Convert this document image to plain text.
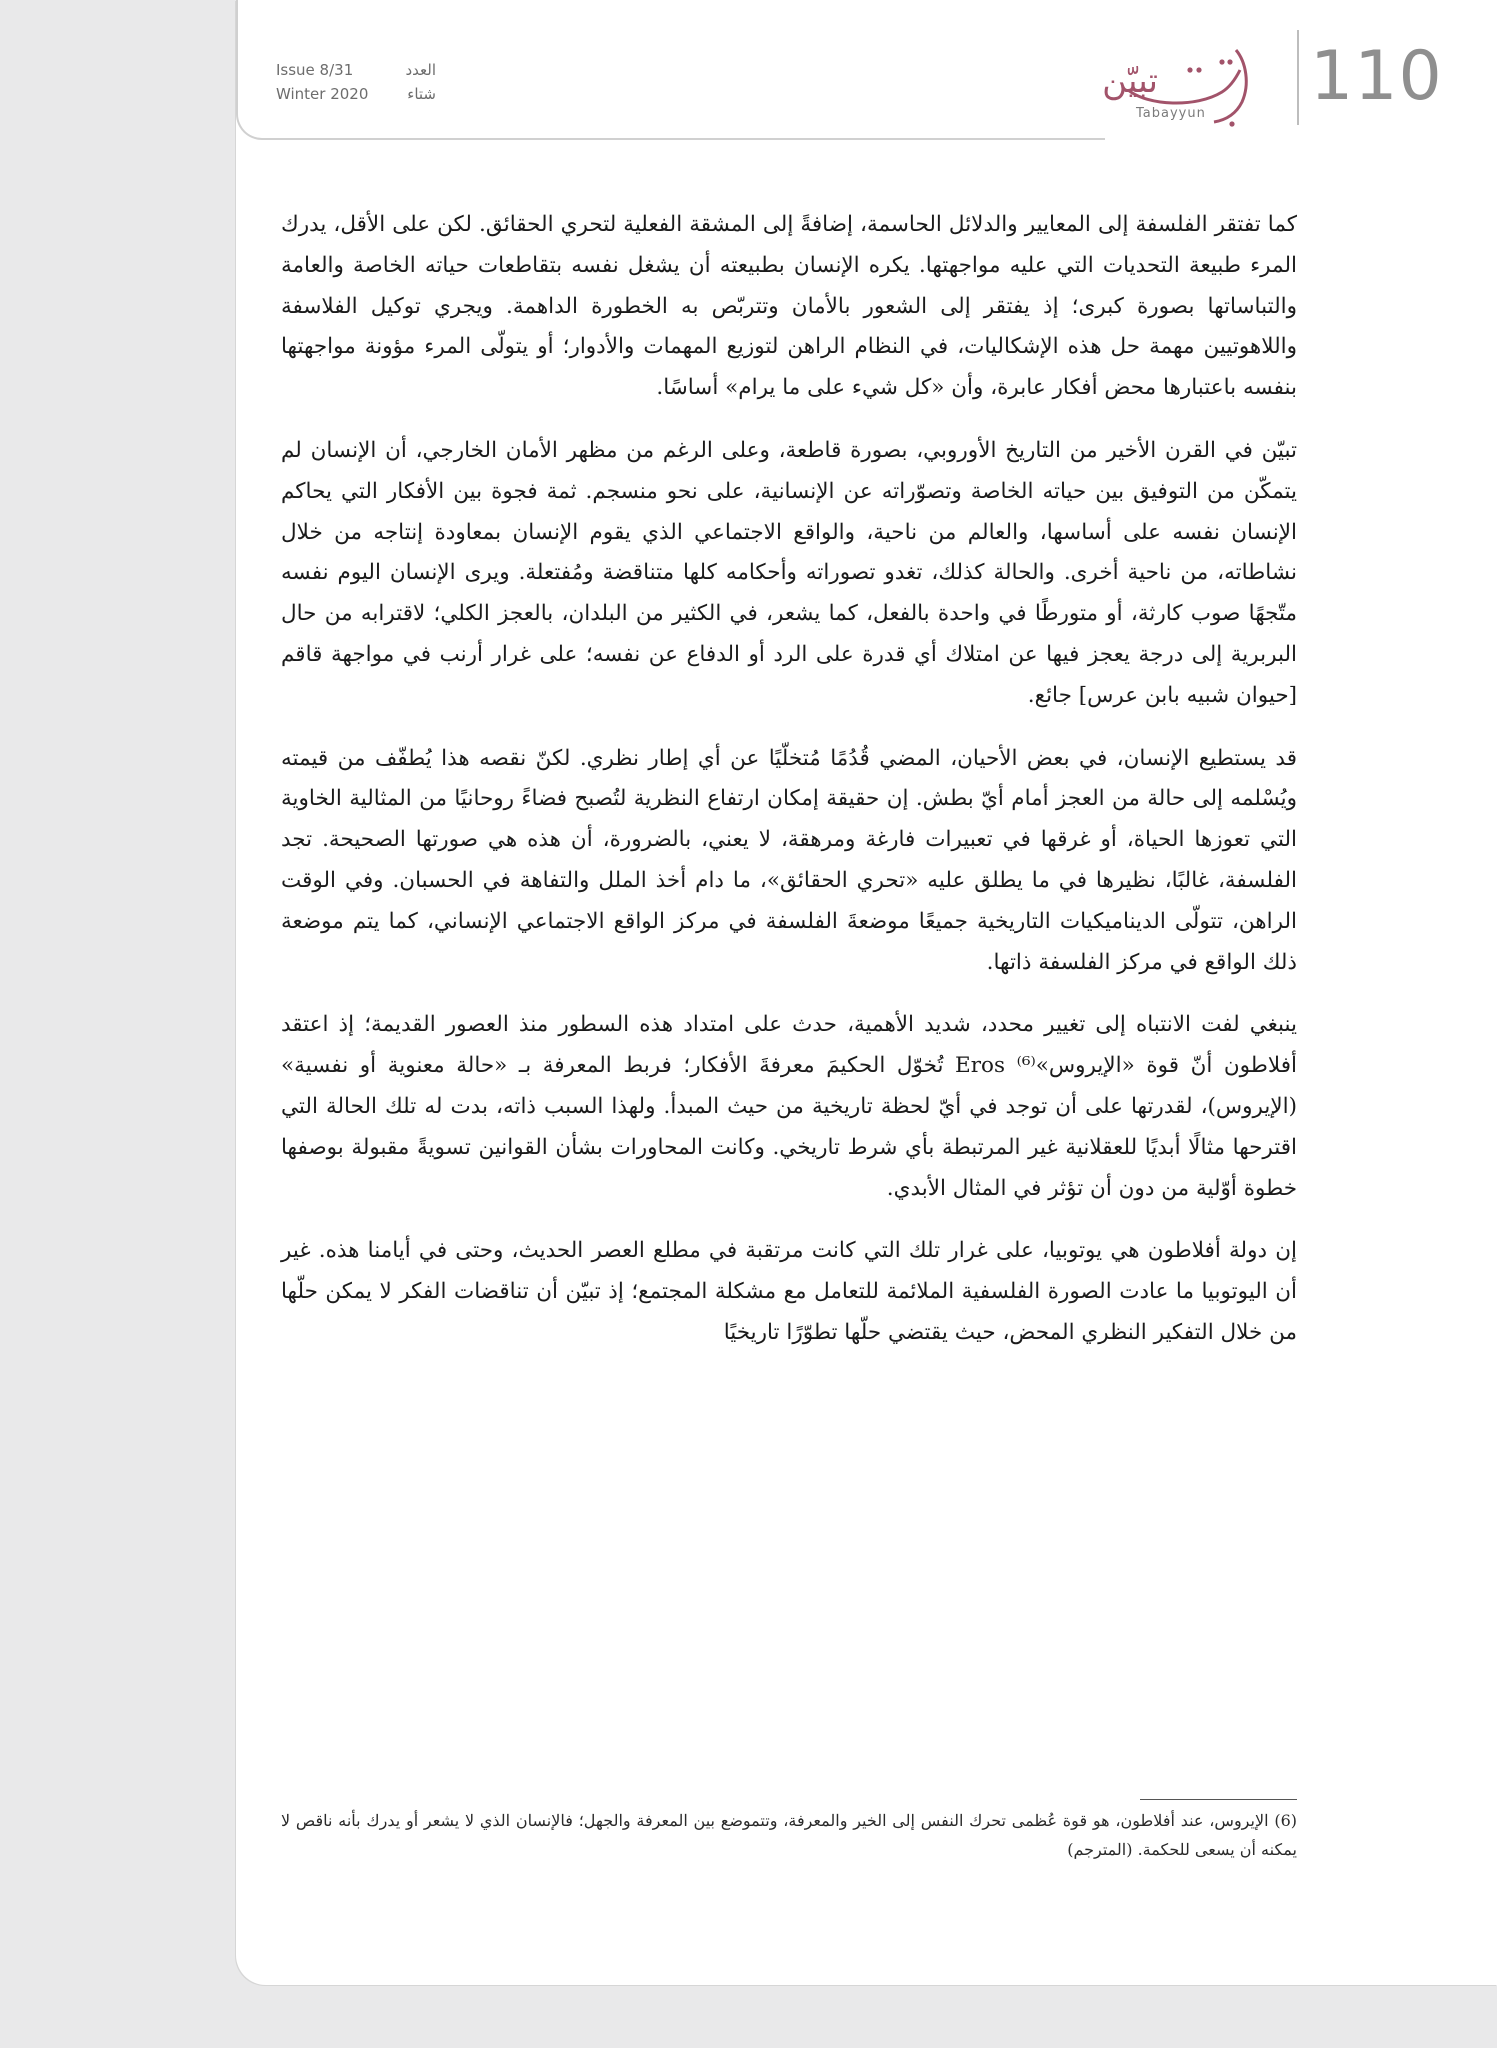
Issue 8/31	العدد
Winter 2020	شتاء	تبيّن
Tabayyun 110

كما تفتقر الفلسفة إلى المعايير والدلائل الحاسمة، إضافةً إلى المشقة الفعلية لتحري الحقائق. لكن على الأقل، يدرك المرء طبيعة التحديات التي عليه مواجهتها. يكره الإنسان بطبيعته أن يشغل نفسه بتقاطعات حياته الخاصة والعامة والتباساتها بصورة كبرى؛ إذ يفتقر إلى الشعور بالأمان وتتربّص به الخطورة الداهمة. ويجري توكيل الفلاسفة واللاهوتيين مهمة حل هذه الإشكاليات، في النظام الراهن لتوزيع المهمات والأدوار؛ أو يتولّى المرء مؤونة مواجهتها بنفسه باعتبارها محض أفكار عابرة، وأن «كل شيء على ما يرام» أساسًا.

تبيّن في القرن الأخير من التاريخ الأوروبي، بصورة قاطعة، وعلى الرغم من مظهر الأمان الخارجي، أن الإنسان لم يتمكّن من التوفيق بين حياته الخاصة وتصوّراته عن الإنسانية، على نحو منسجم. ثمة فجوة بين الأفكار التي يحاكم الإنسان نفسه على أساسها، والعالم من ناحية، والواقع الاجتماعي الذي يقوم الإنسان بمعاودة إنتاجه من خلال نشاطاته، من ناحية أخرى. والحالة كذلك، تغدو تصوراته وأحكامه كلها متناقضة ومُفتعلة. ويرى الإنسان اليوم نفسه متّجهًا صوب كارثة، أو متورطًا في واحدة بالفعل، كما يشعر، في الكثير من البلدان، بالعجز الكلي؛ لاقترابه من حال البربرية إلى درجة يعجز فيها عن امتلاك أي قدرة على الرد أو الدفاع عن نفسه؛ على غرار أرنب في مواجهة قاقم [حيوان شبيه بابن عرس] جائع.

قد يستطيع الإنسان، في بعض الأحيان، المضي قُدُمًا مُتخلّيًا عن أي إطار نظري. لكنّ نقصه هذا يُطفّف من قيمته ويُسْلمه إلى حالة من العجز أمام أيّ بطش. إن حقيقة إمكان ارتفاع النظرية لتُصبح فضاءً روحانيًا من المثالية الخاوية التي تعوزها الحياة، أو غرقها في تعبيرات فارغة ومرهقة، لا يعني، بالضرورة، أن هذه هي صورتها الصحيحة. تجد الفلسفة، غالبًا، نظيرها في ما يطلق عليه «تحري الحقائق»، ما دام أخذ الملل والتفاهة في الحسبان. وفي الوقت الراهن، تتولّى الديناميكيات التاريخية جميعًا موضعةَ الفلسفة في مركز الواقع الاجتماعي الإنساني، كما يتم موضعة ذلك الواقع في مركز الفلسفة ذاتها.

ينبغي لفت الانتباه إلى تغيير محدد، شديد الأهمية، حدث على امتداد هذه السطور منذ العصور القديمة؛ إذ اعتقد أفلاطون أنّ قوة «الإيروس»⁽⁶⁾ Eros تُخوّل الحكيمَ معرفةَ الأفكار؛ فربط المعرفة بـ «حالة معنوية أو نفسية» (الإيروس)، لقدرتها على أن توجد في أيّ لحظة تاريخية من حيث المبدأ. ولهذا السبب ذاته، بدت له تلك الحالة التي اقترحها مثالًا أبديًا للعقلانية غير المرتبطة بأي شرط تاريخي. وكانت المحاورات بشأن القوانين تسويةً مقبولة بوصفها خطوة أوّلية من دون أن تؤثر في المثال الأبدي.

إن دولة أفلاطون هي يوتوبيا، على غرار تلك التي كانت مرتقبة في مطلع العصر الحديث، وحتى في أيامنا هذه. غير أن اليوتوبيا ما عادت الصورة الفلسفية الملائمة للتعامل مع مشكلة المجتمع؛ إذ تبيّن أن تناقضات الفكر لا يمكن حلّها من خلال التفكير النظري المحض، حيث يقتضي حلّها تطوّرًا تاريخيًا

(6) الإيروس، عند أفلاطون، هو قوة عُظمى تحرك النفس إلى الخير والمعرفة، وتتموضع بين المعرفة والجهل؛ فالإنسان الذي لا يشعر أو يدرك بأنه ناقص لا يمكنه أن يسعى للحكمة. (المترجم)
